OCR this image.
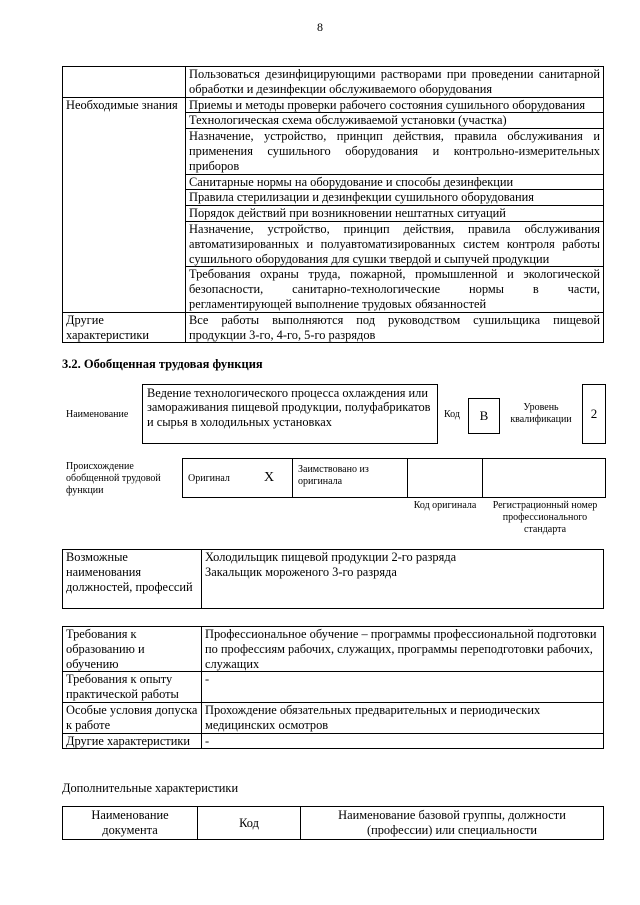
8
	Пользоваться дезинфицирующими растворами при проведении санитарной обработки и дезинфекции обслуживаемого оборудования
Необходимые знания	Приемы и методы проверки рабочего состояния сушильного оборудования
	Технологическая схема обслуживаемой установки (участка)
	Назначение, устройство, принцип действия, правила обслуживания и применения сушильного оборудования и контрольно-измерительных приборов
	Санитарные нормы на оборудование и способы дезинфекции
	Правила стерилизации и дезинфекции сушильного оборудования
	Порядок действий при возникновении нештатных ситуаций
	Назначение, устройство, принцип действия, правила обслуживания автоматизированных и полуавтоматизированных систем контроля работы сушильного оборудования для сушки твердой и сыпучей продукции
	Требования охраны труда, пожарной, промышленной и экологической безопасности, санитарно-технологические нормы в части, регламентирующей выполнение трудовых обязанностей
Другие характеристики	Все работы выполняются под руководством сушильщика пищевой продукции 3-го, 4-го, 5-го разрядов
3.2. Обобщенная трудовая функция
Наименование
Ведение технологического процесса охлаждения или замораживания пищевой продукции, полуфабрикатов и сырья в холодильных установках
Код	B
Уровень квалификации	2
Происхождение обобщенной трудовой функции
Оригинал X
Заимствовано из оригинала
Код оригинала	Регистрационный номер профессионального стандарта
Возможные наименования должностей, профессий	
Холодильщик пищевой продукции 2-го разряда
Закальщик мороженого 3-го разряда
Требования к образованию и обучению	Профессиональное обучение – программы профессиональной подготовки по профессиям рабочих, служащих, программы переподготовки рабочих, служащих
Требования к опыту практической работы	-
Особые условия допуска к работе	Прохождение обязательных предварительных и периодических медицинских осмотров
Другие характеристики	-
Дополнительные характеристики
Наименование документа	Код	Наименование базовой группы, должности (профессии) или специальности
